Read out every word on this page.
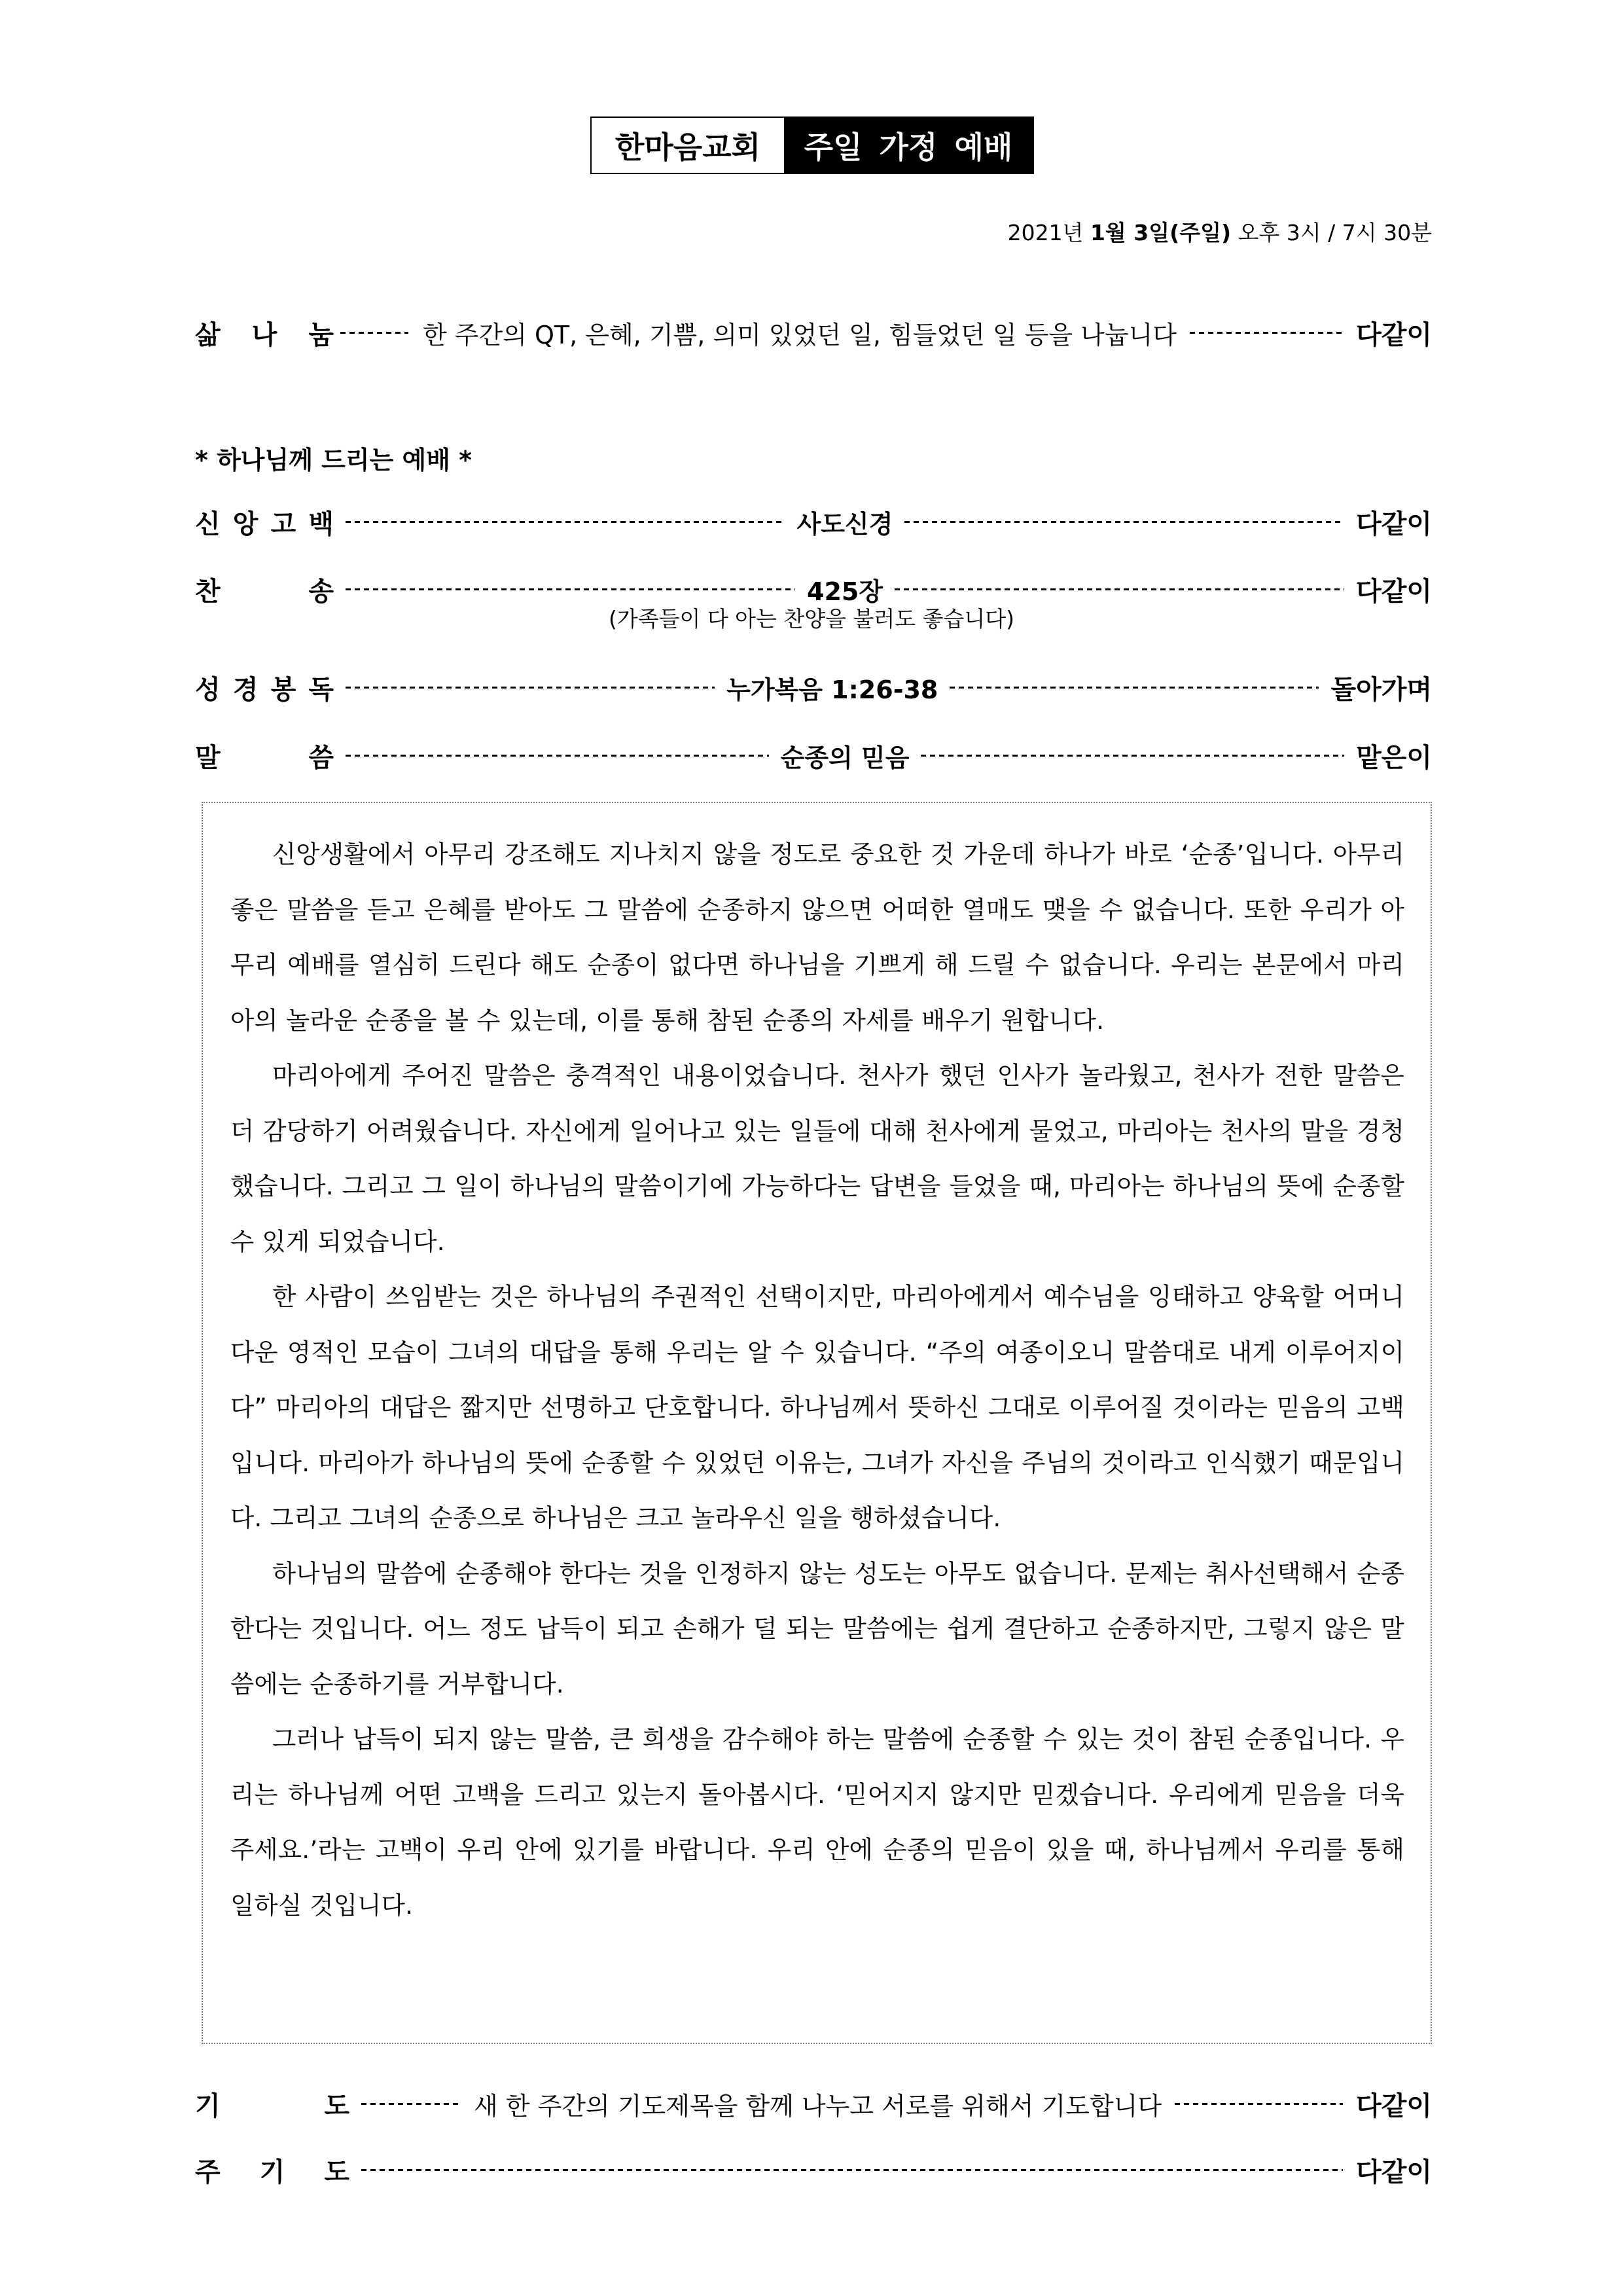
한마음교회	주일 가정 예배
2021년 1월 3일(주일) 오후 3시 / 7시 30분
삶 나 눔	한 주간의 QT, 은혜, 기쁨, 의미 있었던 일, 힘들었던 일 등을 나눕니다	다같이
* 하나님께 드리는 예배 *
신 앙 고 백	사도신경	다같이
찬	송	425장	다같이
(가족들이 다 아는 찬양을 불러도 좋습니다)
성 경 봉 독	누가복음 1:26-38	돌아가며
말	씀	순종의 믿음	맡은이

신앙생활에서 아무리 강조해도 지나치지 않을 정도로 중요한 것 가운데 하나가 바로 ‘순종’입니다. 아무리 좋은 말씀을 듣고 은혜를 받아도 그 말씀에 순종하지 않으면 어떠한 열매도 맺을 수 없습니다. 또한 우리가 아무리 예배를 열심히 드린다 해도 순종이 없다면 하나님을 기쁘게 해 드릴 수 없습니다. 우리는 본문에서 마리아의 놀라운 순종을 볼 수 있는데, 이를 통해 참된 순종의 자세를 배우기 원합니다.

마리아에게 주어진 말씀은 충격적인 내용이었습니다. 천사가 했던 인사가 놀라웠고, 천사가 전한 말씀은 더 감당하기 어려웠습니다. 자신에게 일어나고 있는 일들에 대해 천사에게 물었고, 마리아는 천사의 말을 경청했습니다. 그리고 그 일이 하나님의 말씀이기에 가능하다는 답변을 들었을 때, 마리아는 하나님의 뜻에 순종할 수 있게 되었습니다.

한 사람이 쓰임받는 것은 하나님의 주권적인 선택이지만, 마리아에게서 예수님을 잉태하고 양육할 어머니다운 영적인 모습이 그녀의 대답을 통해 우리는 알 수 있습니다. “주의 여종이오니 말씀대로 내게 이루어지이다” 마리아의 대답은 짧지만 선명하고 단호합니다. 하나님께서 뜻하신 그대로 이루어질 것이라는 믿음의 고백입니다. 마리아가 하나님의 뜻에 순종할 수 있었던 이유는, 그녀가 자신을 주님의 것이라고 인식했기 때문입니다. 그리고 그녀의 순종으로 하나님은 크고 놀라우신 일을 행하셨습니다.

하나님의 말씀에 순종해야 한다는 것을 인정하지 않는 성도는 아무도 없습니다. 문제는 취사선택해서 순종한다는 것입니다. 어느 정도 납득이 되고 손해가 덜 되는 말씀에는 쉽게 결단하고 순종하지만, 그렇지 않은 말씀에는 순종하기를 거부합니다.

그러나 납득이 되지 않는 말씀, 큰 희생을 감수해야 하는 말씀에 순종할 수 있는 것이 참된 순종입니다. 우리는 하나님께 어떤 고백을 드리고 있는지 돌아봅시다. ‘믿어지지 않지만 믿겠습니다. 우리에게 믿음을 더욱 주세요.’라는 고백이 우리 안에 있기를 바랍니다. 우리 안에 순종의 믿음이 있을 때, 하나님께서 우리를 통해 일하실 것입니다.

기	도	새 한 주간의 기도제목을 함께 나누고 서로를 위해서 기도합니다	다같이
주 기 도	다같이
